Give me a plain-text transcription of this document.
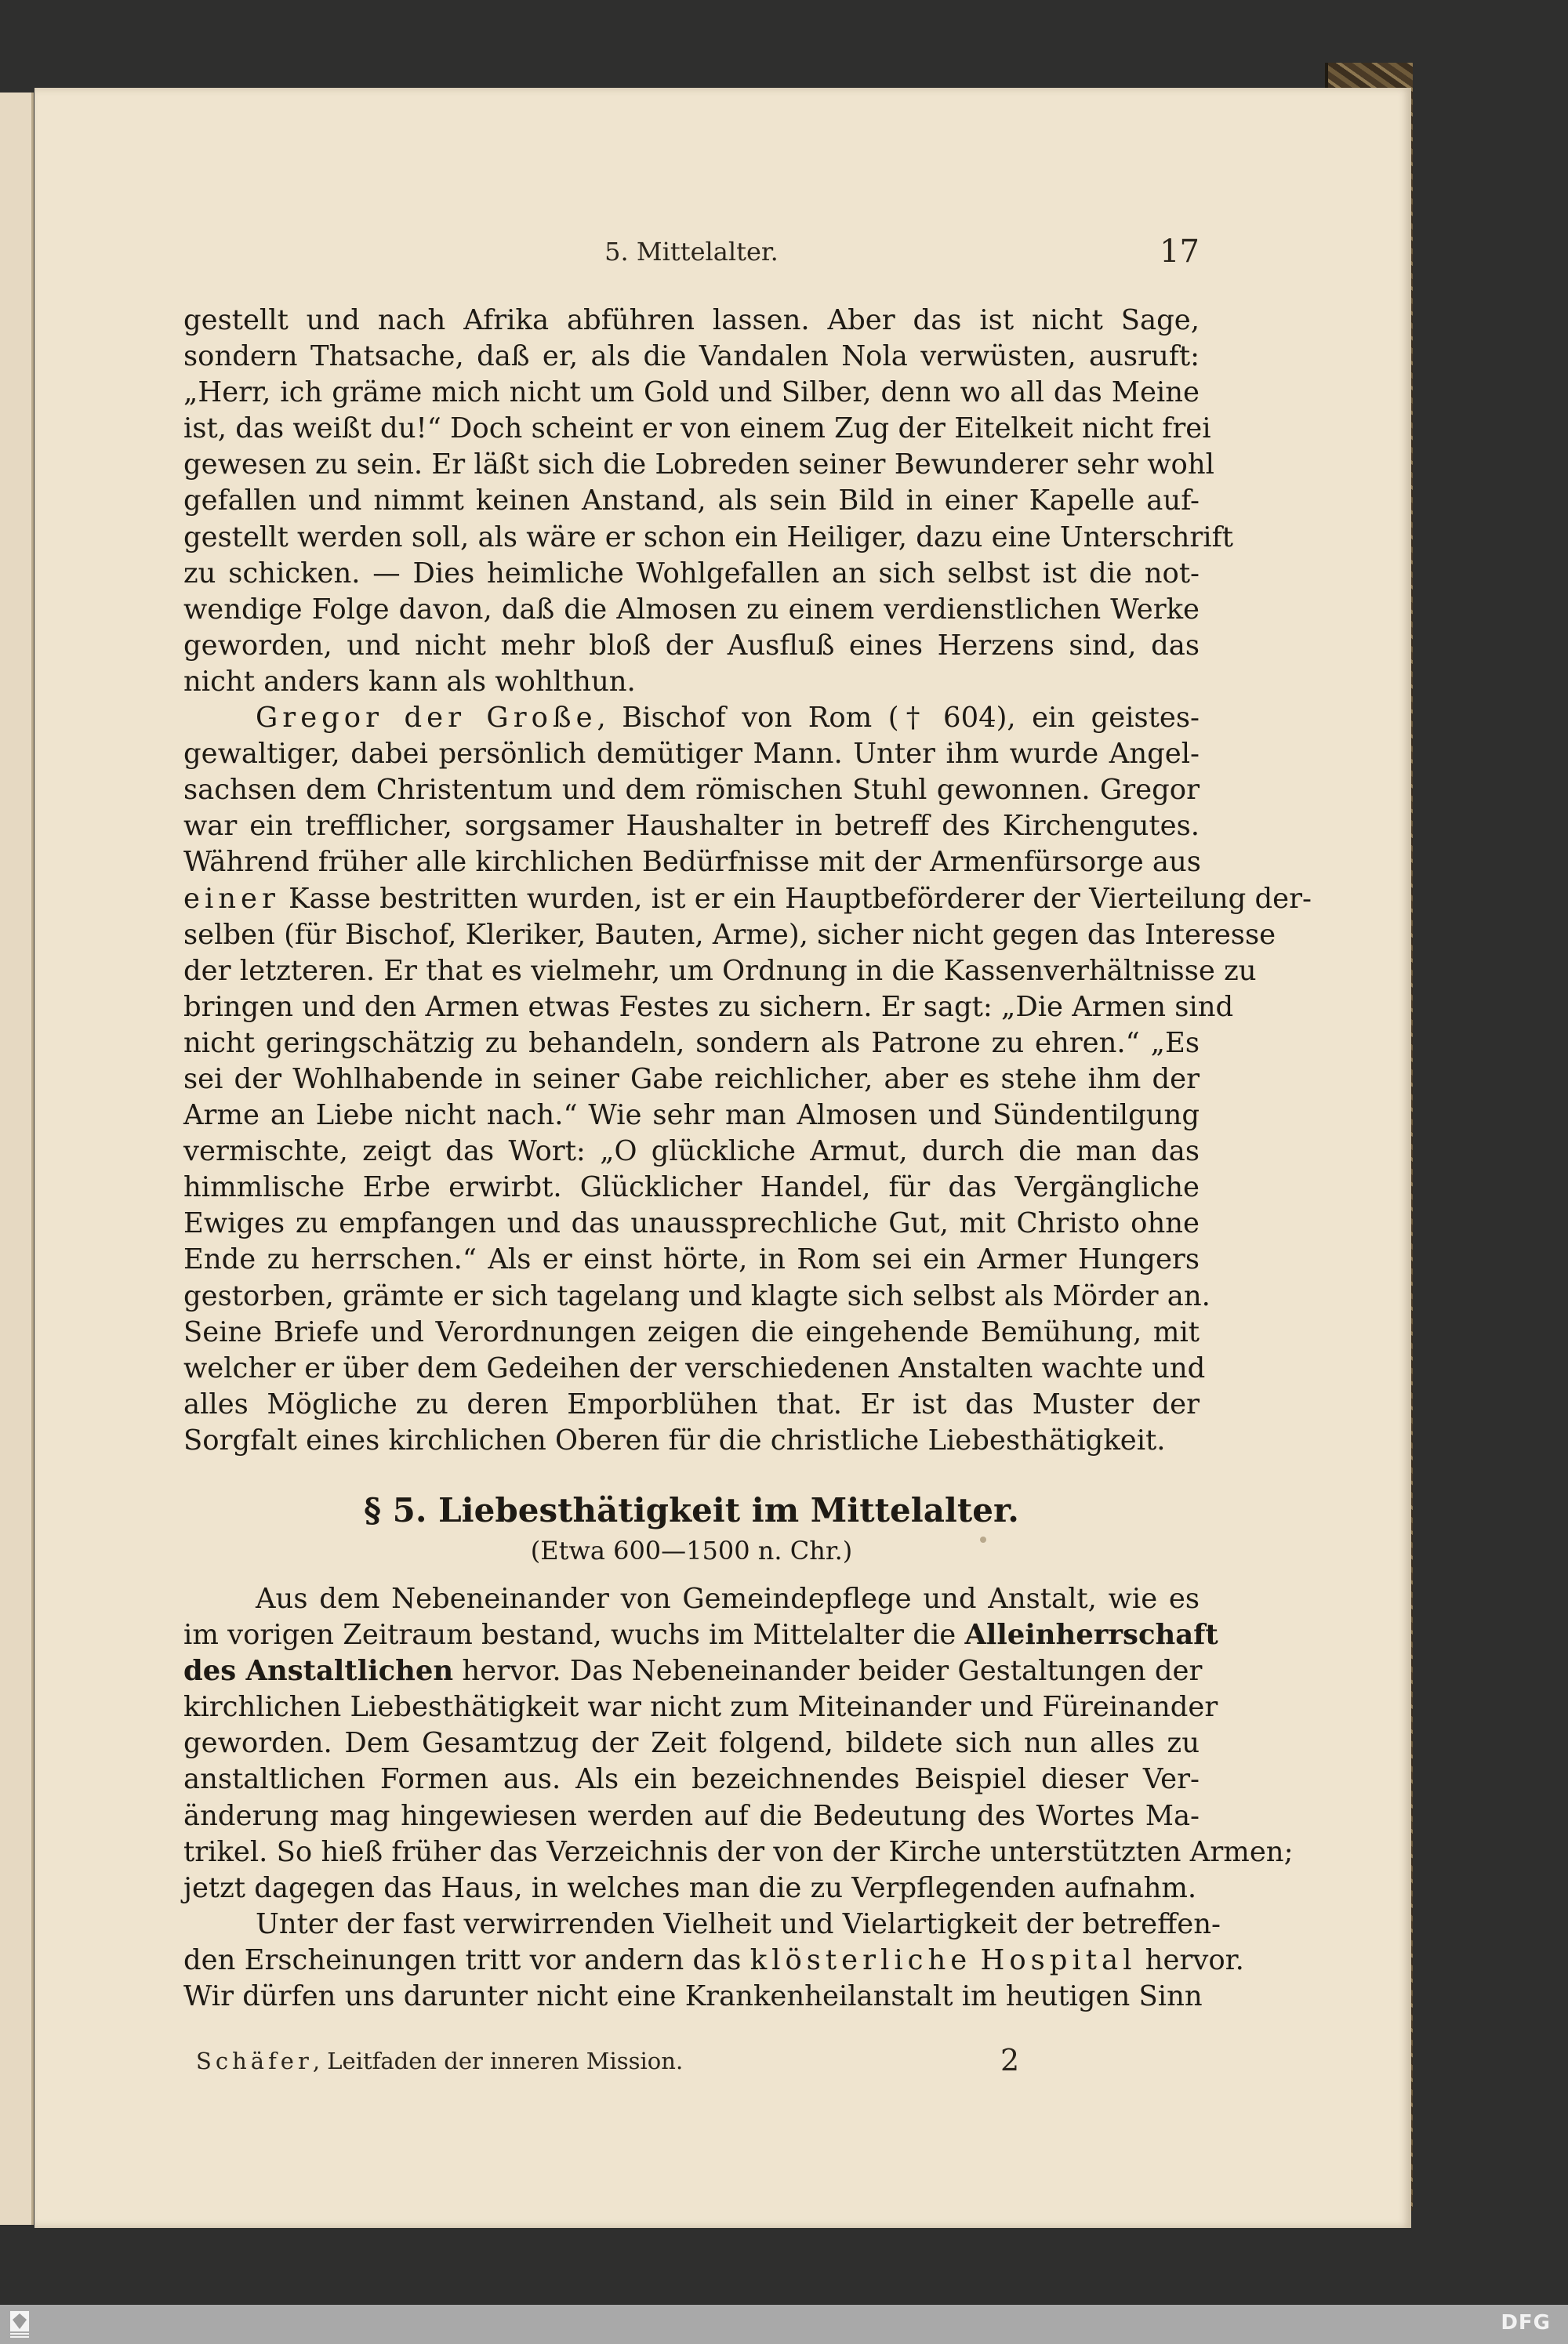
5. Mittelalter.	17
gestellt und nach Afrika abführen lassen. Aber das ist nicht Sage,
sondern Thatsache, daß er, als die Vandalen Nola verwüsten, ausruft:
„Herr, ich gräme mich nicht um Gold und Silber, denn wo all das Meine
ist, das weißt du!“ Doch scheint er von einem Zug der Eitelkeit nicht frei
gewesen zu sein. Er läßt sich die Lobreden seiner Bewunderer sehr wohl
gefallen und nimmt keinen Anstand, als sein Bild in einer Kapelle auf-
gestellt werden soll, als wäre er schon ein Heiliger, dazu eine Unterschrift
zu schicken. — Dies heimliche Wohlgefallen an sich selbst ist die not-
wendige Folge davon, daß die Almosen zu einem verdienstlichen Werke
geworden, und nicht mehr bloß der Ausfluß eines Herzens sind, das
nicht anders kann als wohlthun.
Gregor der Große, Bischof von Rom († 604), ein geistes-
gewaltiger, dabei persönlich demütiger Mann. Unter ihm wurde Angel-
sachsen dem Christentum und dem römischen Stuhl gewonnen. Gregor
war ein trefflicher, sorgsamer Haushalter in betreff des Kirchengutes.
Während früher alle kirchlichen Bedürfnisse mit der Armenfürsorge aus
einer Kasse bestritten wurden, ist er ein Hauptbeförderer der Vierteilung der-
selben (für Bischof, Kleriker, Bauten, Arme), sicher nicht gegen das Interesse
der letzteren. Er that es vielmehr, um Ordnung in die Kassenverhältnisse zu
bringen und den Armen etwas Festes zu sichern. Er sagt: „Die Armen sind
nicht geringschätzig zu behandeln, sondern als Patrone zu ehren.“ „Es
sei der Wohlhabende in seiner Gabe reichlicher, aber es stehe ihm der
Arme an Liebe nicht nach.“ Wie sehr man Almosen und Sündentilgung
vermischte, zeigt das Wort: „O glückliche Armut, durch die man das
himmlische Erbe erwirbt. Glücklicher Handel, für das Vergängliche
Ewiges zu empfangen und das unaussprechliche Gut, mit Christo ohne
Ende zu herrschen.“ Als er einst hörte, in Rom sei ein Armer Hungers
gestorben, grämte er sich tagelang und klagte sich selbst als Mörder an.
Seine Briefe und Verordnungen zeigen die eingehende Bemühung, mit
welcher er über dem Gedeihen der verschiedenen Anstalten wachte und
alles Mögliche zu deren Emporblühen that. Er ist das Muster der
Sorgfalt eines kirchlichen Oberen für die christliche Liebesthätigkeit.
§ 5. Liebesthätigkeit im Mittelalter.
(Etwa 600—1500 n. Chr.)
Aus dem Nebeneinander von Gemeindepflege und Anstalt, wie es
im vorigen Zeitraum bestand, wuchs im Mittelalter die Alleinherrschaft
des Anstaltlichen hervor. Das Nebeneinander beider Gestaltungen der
kirchlichen Liebesthätigkeit war nicht zum Miteinander und Füreinander
geworden. Dem Gesamtzug der Zeit folgend, bildete sich nun alles zu
anstaltlichen Formen aus. Als ein bezeichnendes Beispiel dieser Ver-
änderung mag hingewiesen werden auf die Bedeutung des Wortes Ma-
trikel. So hieß früher das Verzeichnis der von der Kirche unterstützten Armen;
jetzt dagegen das Haus, in welches man die zu Verpflegenden aufnahm.
Unter der fast verwirrenden Vielheit und Vielartigkeit der betreffen-
den Erscheinungen tritt vor andern das klösterliche Hospital hervor.
Wir dürfen uns darunter nicht eine Krankenheilanstalt im heutigen Sinn
Schäfer, Leitfaden der inneren Mission.	2
DFG
